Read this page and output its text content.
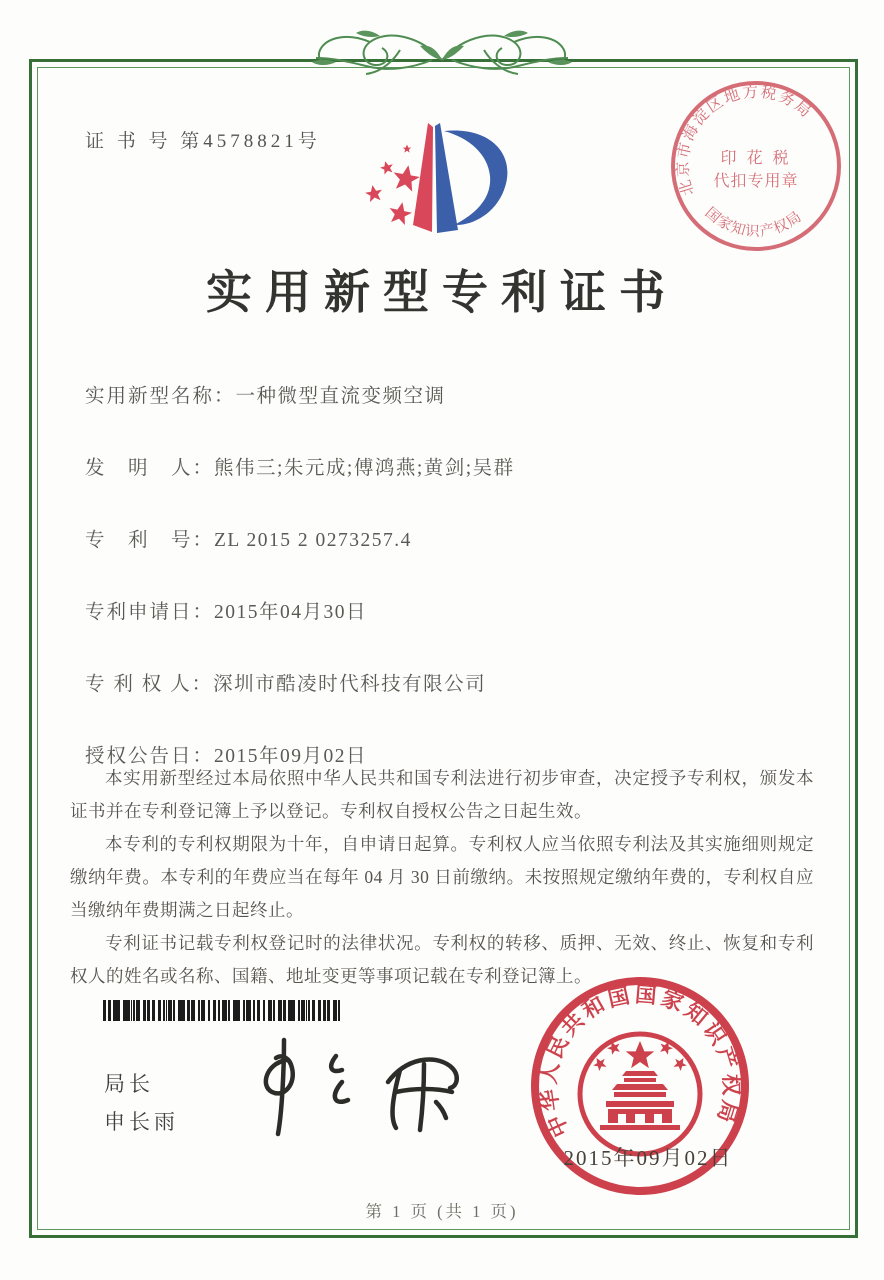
证 书 号 第4578821号
北京市海淀区地方税务局
国家知识产权局
印 花 税
代扣专用章
实用新型专利证书
实用新型名称：一种微型直流变频空调
发　明　人：熊伟三;朱元成;傅鸿燕;黄剑;吴群
专　利　号：ZL 2015 2 0273257.4
专利申请日：2015年04月30日
专 利 权 人：深圳市酷凌时代科技有限公司
授权公告日：2015年09月02日

本实用新型经过本局依照中华人民共和国专利法进行初步审查，决定授予专利权，颁发本证书并在专利登记簿上予以登记。专利权自授权公告之日起生效。

本专利的专利权期限为十年，自申请日起算。专利权人应当依照专利法及其实施细则规定缴纳年费。本专利的年费应当在每年 04 月 30 日前缴纳。未按照规定缴纳年费的，专利权自应当缴纳年费期满之日起终止。

专利证书记载专利权登记时的法律状况。专利权的转移、质押、无效、终止、恢复和专利权人的姓名或名称、国籍、地址变更等事项记载在专利登记簿上。

局长
申长雨	中华人民共和国国家知识产权局
2015年09月02日
第 1 页 (共 1 页)
